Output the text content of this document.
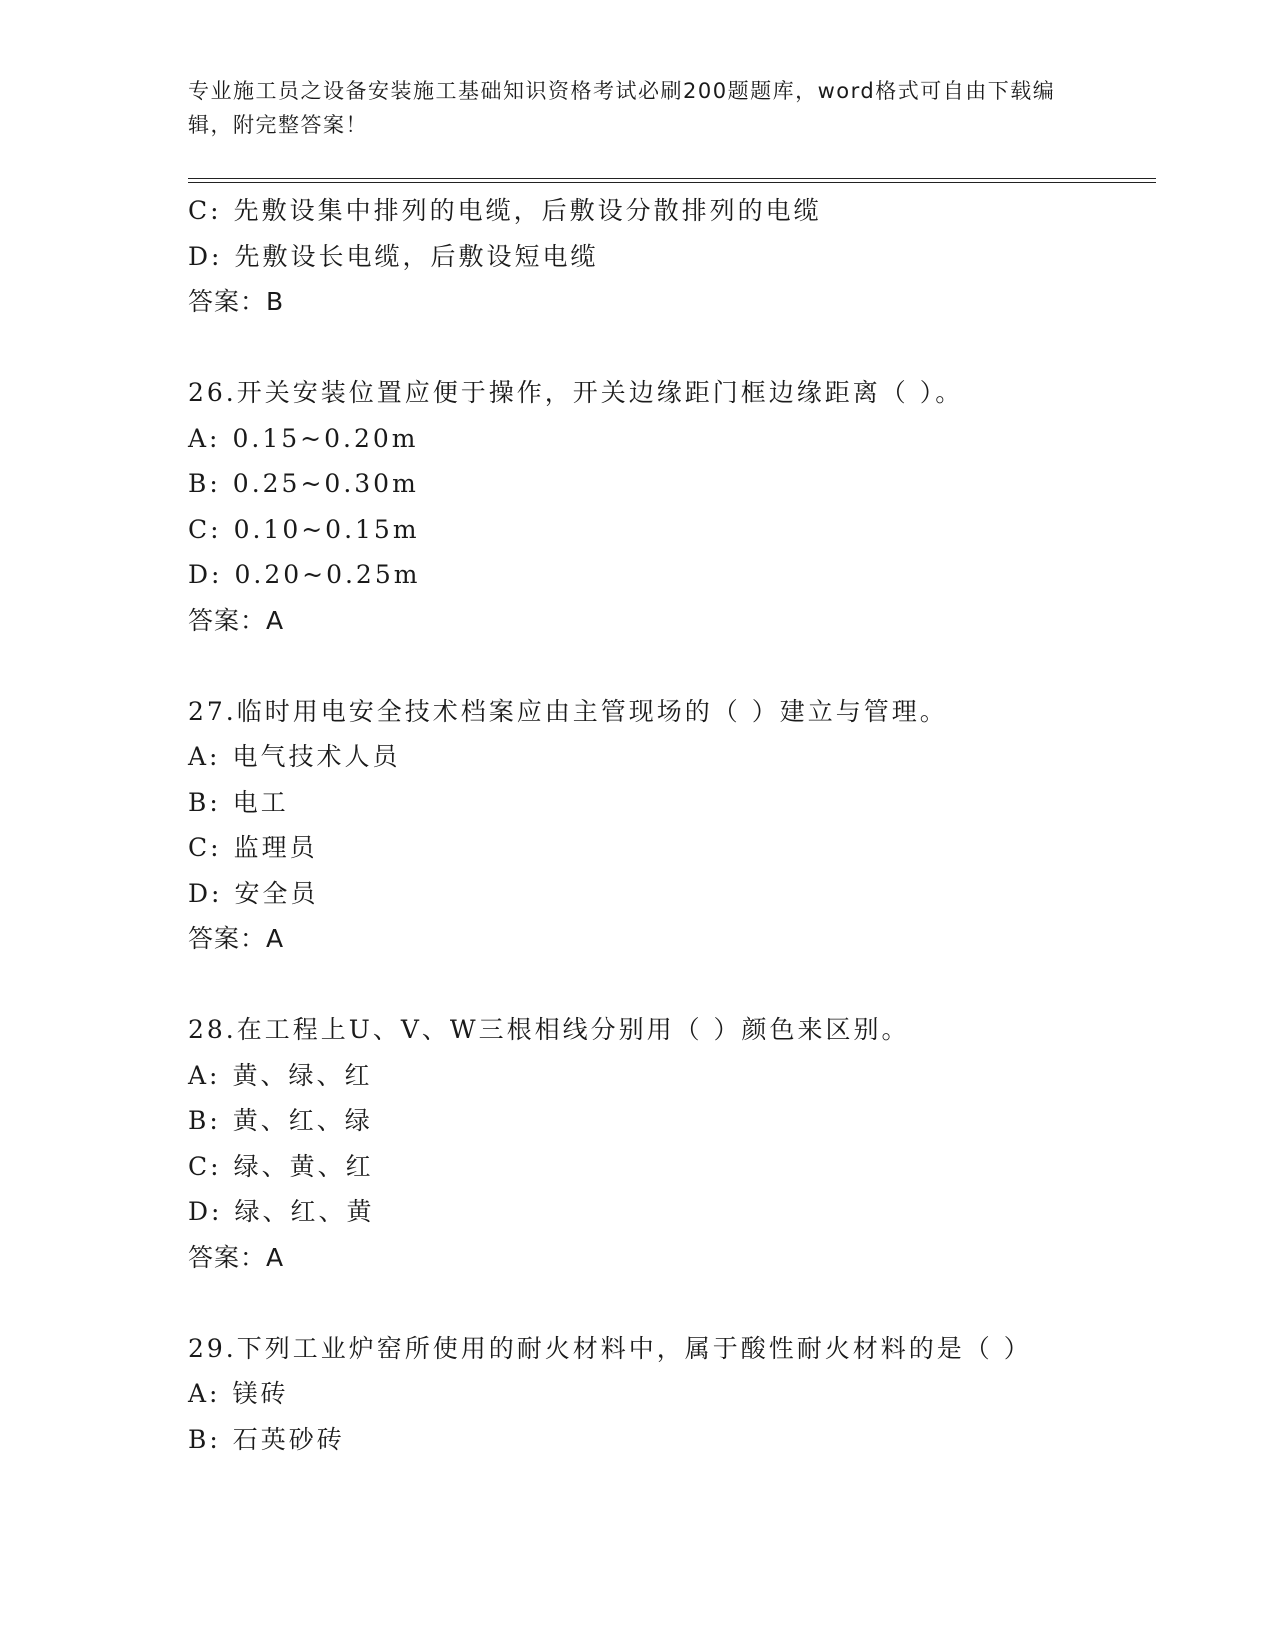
专业施工员之设备安装施工基础知识资格考试必刷200题题库，word格式可自由下载编辑，附完整答案！
C: 先敷设集中排列的电缆，后敷设分散排列的电缆
D: 先敷设长电缆，后敷设短电缆
答案：B
26.开关安装位置应便于操作，开关边缘距门框边缘距离（ ）。
A: 0.15~0.20m
B: 0.25~0.30m
C: 0.10~0.15m
D: 0.20~0.25m
答案：A
27.临时用电安全技术档案应由主管现场的（ ）建立与管理。
A: 电气技术人员
B: 电工
C: 监理员
D: 安全员
答案：A
28.在工程上U、V、W三根相线分别用（ ）颜色来区别。
A: 黄、绿、红
B: 黄、红、绿
C: 绿、黄、红
D: 绿、红、黄
答案：A
29.下列工业炉窑所使用的耐火材料中，属于酸性耐火材料的是（ ）
A: 镁砖
B: 石英砂砖
